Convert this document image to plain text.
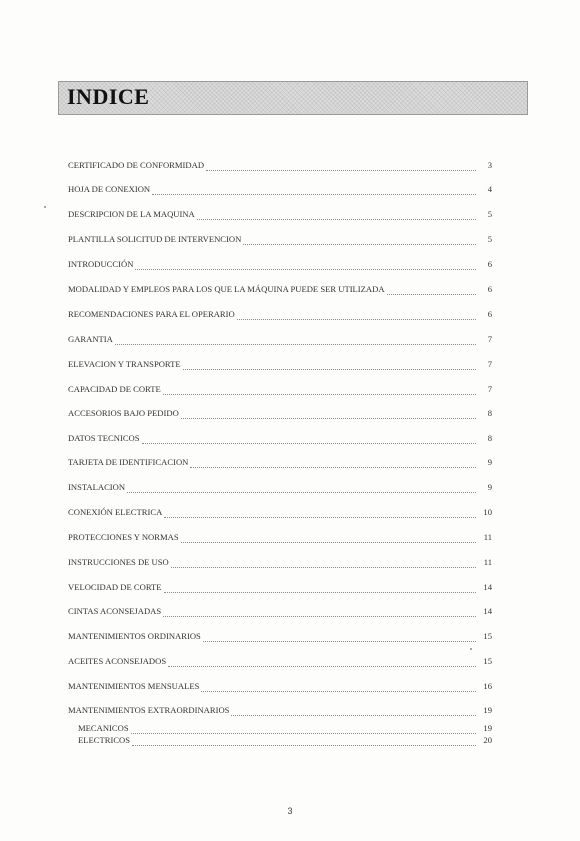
INDICE
CERTIFICADO DE CONFORMIDAD	3
HOJA DE CONEXION	4
DESCRIPCION DE LA MAQUINA	5
PLANTILLA SOLICITUD DE INTERVENCION	5
INTRODUCCIÓN	6
MODALIDAD Y EMPLEOS PARA LOS QUE LA MÁQUINA PUEDE SER UTILIZADA	6
RECOMENDACIONES PARA EL OPERARIO	6
GARANTIA	7
ELEVACION Y TRANSPORTE	7
CAPACIDAD DE CORTE	7
ACCESORIOS BAJO PEDIDO	8
DATOS TECNICOS	8
TARJETA DE IDENTIFICACION	9
INSTALACION	9
CONEXIÓN ELECTRICA	10
PROTECCIONES Y NORMAS	11
INSTRUCCIONES DE USO	11
VELOCIDAD DE CORTE	14
CINTAS ACONSEJADAS	14
MANTENIMIENTOS ORDINARIOS	15
ACEITES ACONSEJADOS	15
MANTENIMIENTOS MENSUALES	16
MANTENIMIENTOS EXTRAORDINARIOS	19
MECANICOS	19
ELECTRICOS	20
3
